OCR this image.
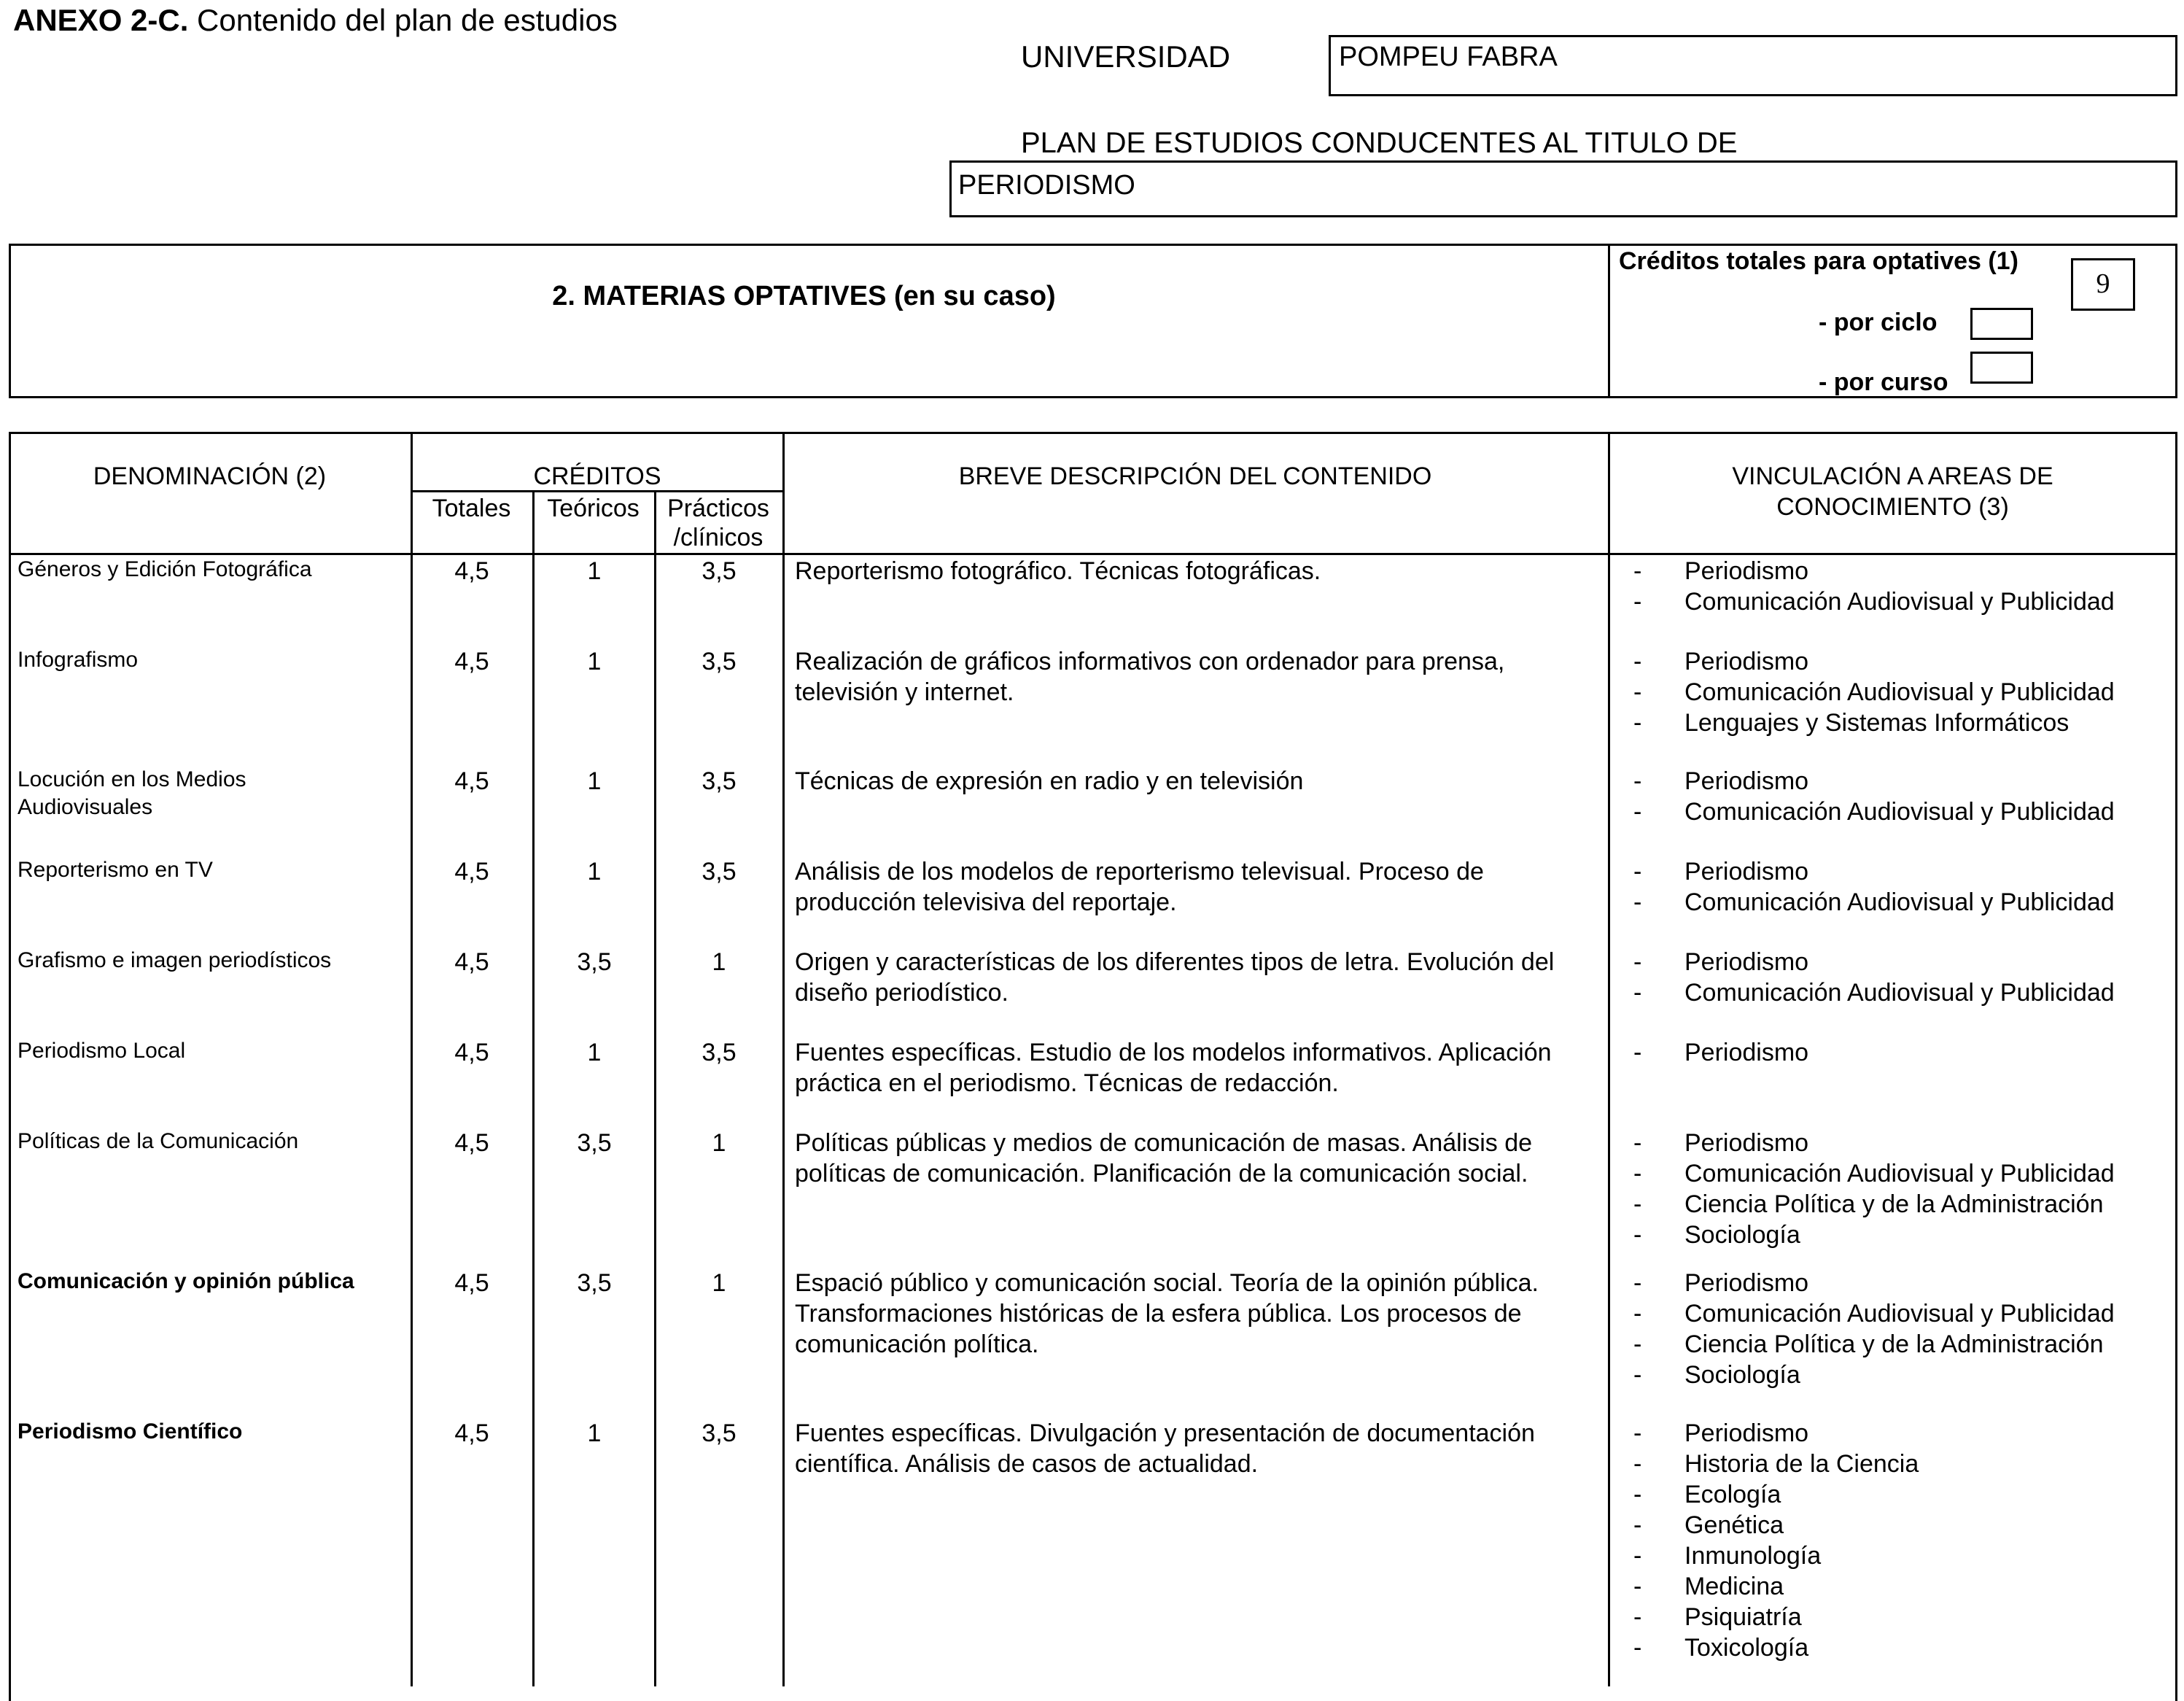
ANEXO 2-C. Contenido del plan de estudios
UNIVERSIDAD	POMPEU FABRA
PLAN DE ESTUDIOS CONDUCENTES AL TITULO DE
PERIODISMO
2. MATERIAS OPTATIVES (en su caso)
Créditos totales para optatives (1)
9
- por ciclo
- por curso
DENOMINACIÓN (2)	CRÉDITOS
Totales	Teóricos	Prácticos
/clínicos
BREVE DESCRIPCIÓN DEL CONTENIDO	VINCULACIÓN A AREAS DE
CONOCIMIENTO (3)
Géneros y Edición Fotográfica	4,5	1	3,5	Reporterismo fotográfico. Técnicas fotográficas.	- Periodismo
- Comunicación Audiovisual y Publicidad
Infografismo	4,5	1	3,5	Realización de gráficos informativos con ordenador para prensa,
televisión y internet.
- Periodismo
- Comunicación Audiovisual y Publicidad
- Lenguajes y Sistemas Informáticos
Locución en los Medios
Audiovisuales
4,5	1	3,5	Técnicas de expresión en radio y en televisión	- Periodismo
- Comunicación Audiovisual y Publicidad
Reporterismo en TV	4,5	1	3,5	Análisis de los modelos de reporterismo televisual. Proceso de
producción televisiva del reportaje.
- Periodismo
- Comunicación Audiovisual y Publicidad
Grafismo e imagen periodísticos	4,5	3,5	1	Origen y características de los diferentes tipos de letra. Evolución del
diseño periodístico.
- Periodismo
- Comunicación Audiovisual y Publicidad
Periodismo Local	4,5	1	3,5	Fuentes específicas. Estudio de los modelos informativos. Aplicación
práctica en el periodismo. Técnicas de redacción.
- Periodismo
Políticas de la Comunicación	4,5	3,5	1	Políticas públicas y medios de comunicación de masas. Análisis de
políticas de comunicación. Planificación de la comunicación social.
- Periodismo
- Comunicación Audiovisual y Publicidad
- Ciencia Política y de la Administración
- Sociología
Comunicación y opinión pública	4,5	3,5	1	Espació público y comunicación social. Teoría de la opinión pública.
Transformaciones históricas de la esfera pública. Los procesos de
comunicación política.
- Periodismo
- Comunicación Audiovisual y Publicidad
- Ciencia Política y de la Administración
- Sociología
Periodismo Científico	4,5	1	3,5	Fuentes específicas. Divulgación y presentación de documentación
científica. Análisis de casos de actualidad.
- Periodismo
- Historia de la Ciencia
- Ecología
- Genética
- Inmunología
- Medicina
- Psiquiatría
- Toxicología
